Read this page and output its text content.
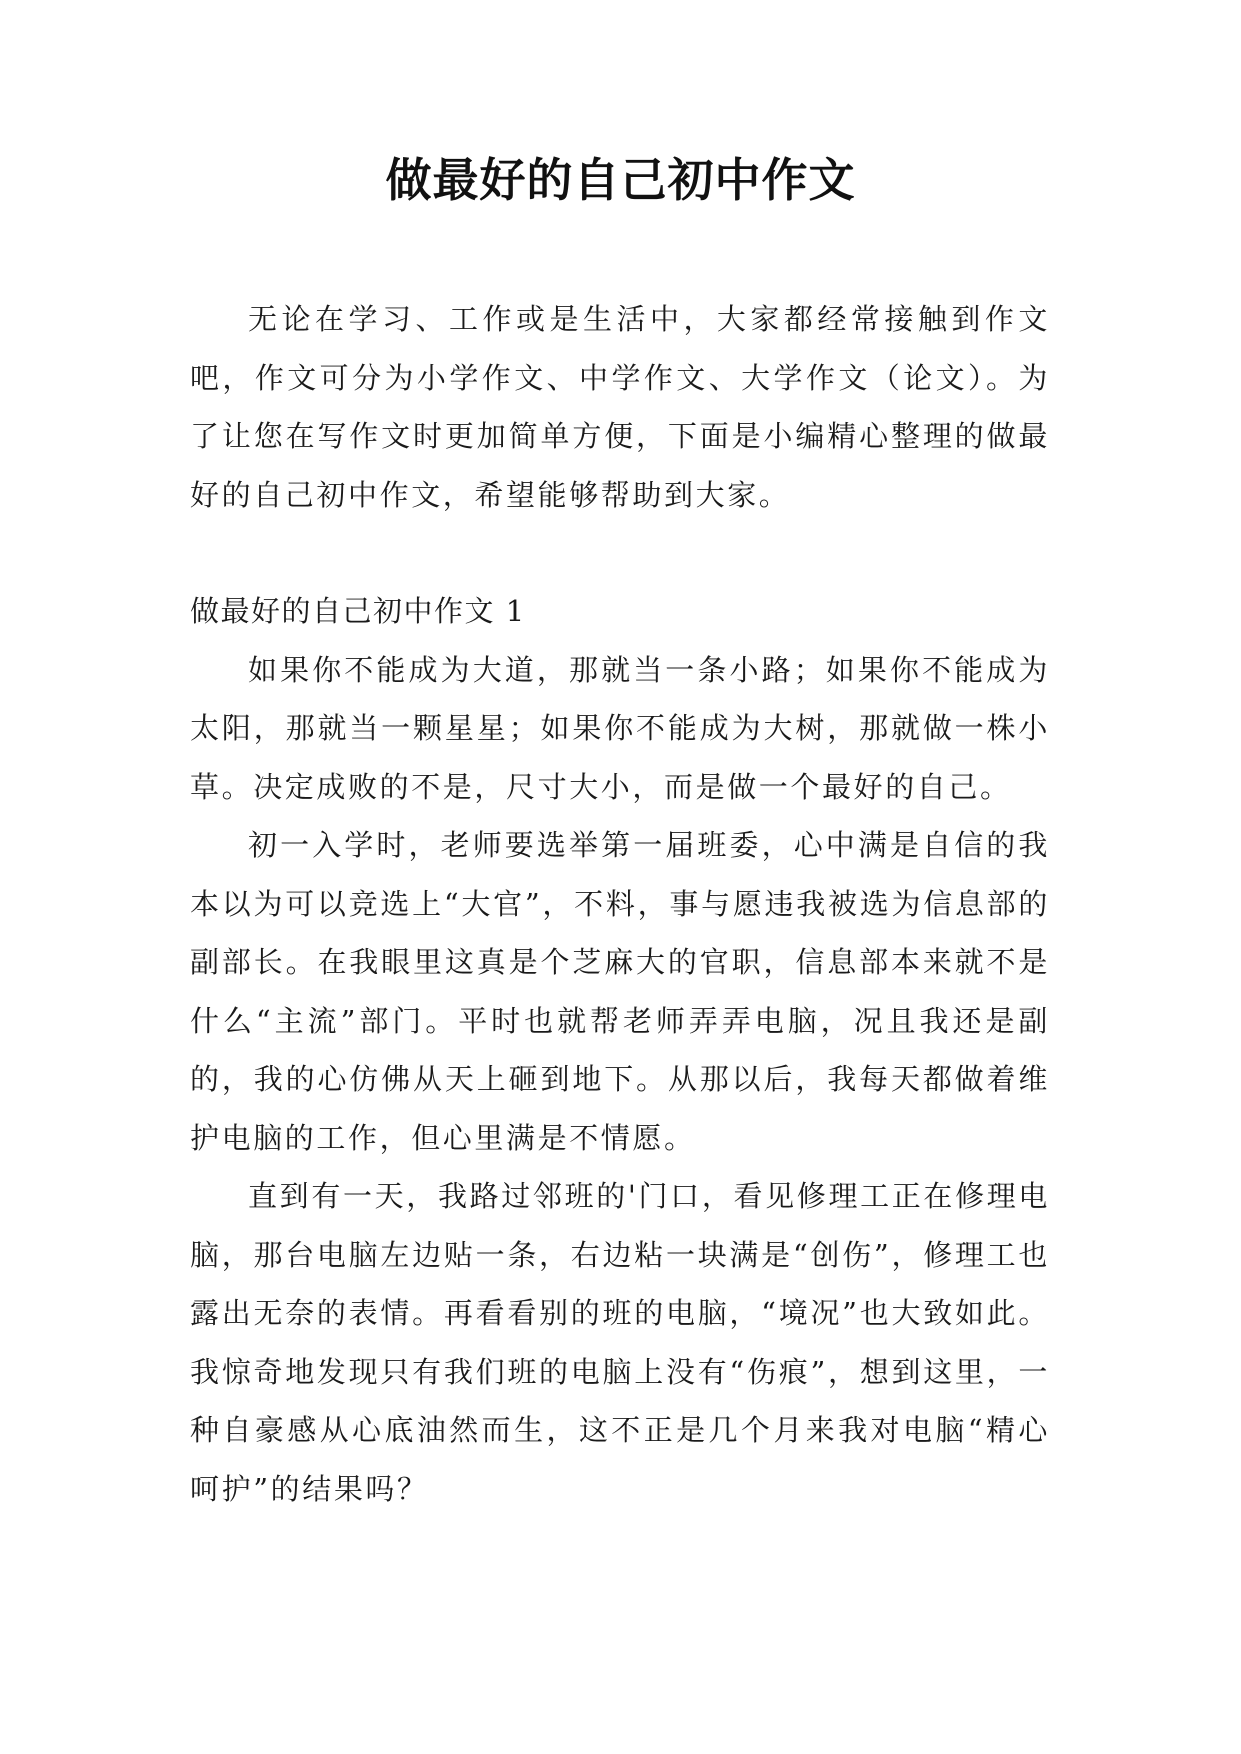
做最好的自己初中作文

无论在学习、工作或是生活中，大家都经常接触到作文吧，作文可分为小学作文、中学作文、大学作文（论文）。为了让您在写作文时更加简单方便，下面是小编精心整理的做最好的自己初中作文，希望能够帮助到大家。

做最好的自己初中作文 1

如果你不能成为大道，那就当一条小路；如果你不能成为太阳，那就当一颗星星；如果你不能成为大树，那就做一株小草。决定成败的不是，尺寸大小，而是做一个最好的自己。

初一入学时，老师要选举第一届班委，心中满是自信的我本以为可以竞选上“大官”，不料，事与愿违我被选为信息部的副部长。在我眼里这真是个芝麻大的官职，信息部本来就不是什么“主流”部门。平时也就帮老师弄弄电脑，况且我还是副的，我的心仿佛从天上砸到地下。从那以后，我每天都做着维护电脑的工作，但心里满是不情愿。

直到有一天，我路过邻班的'门口，看见修理工正在修理电脑，那台电脑左边贴一条，右边粘一块满是“创伤”，修理工也露出无奈的表情。再看看别的班的电脑，“境况”也大致如此。我惊奇地发现只有我们班的电脑上没有“伤痕”，想到这里，一种自豪感从心底油然而生，这不正是几个月来我对电脑“精心呵护”的结果吗？
